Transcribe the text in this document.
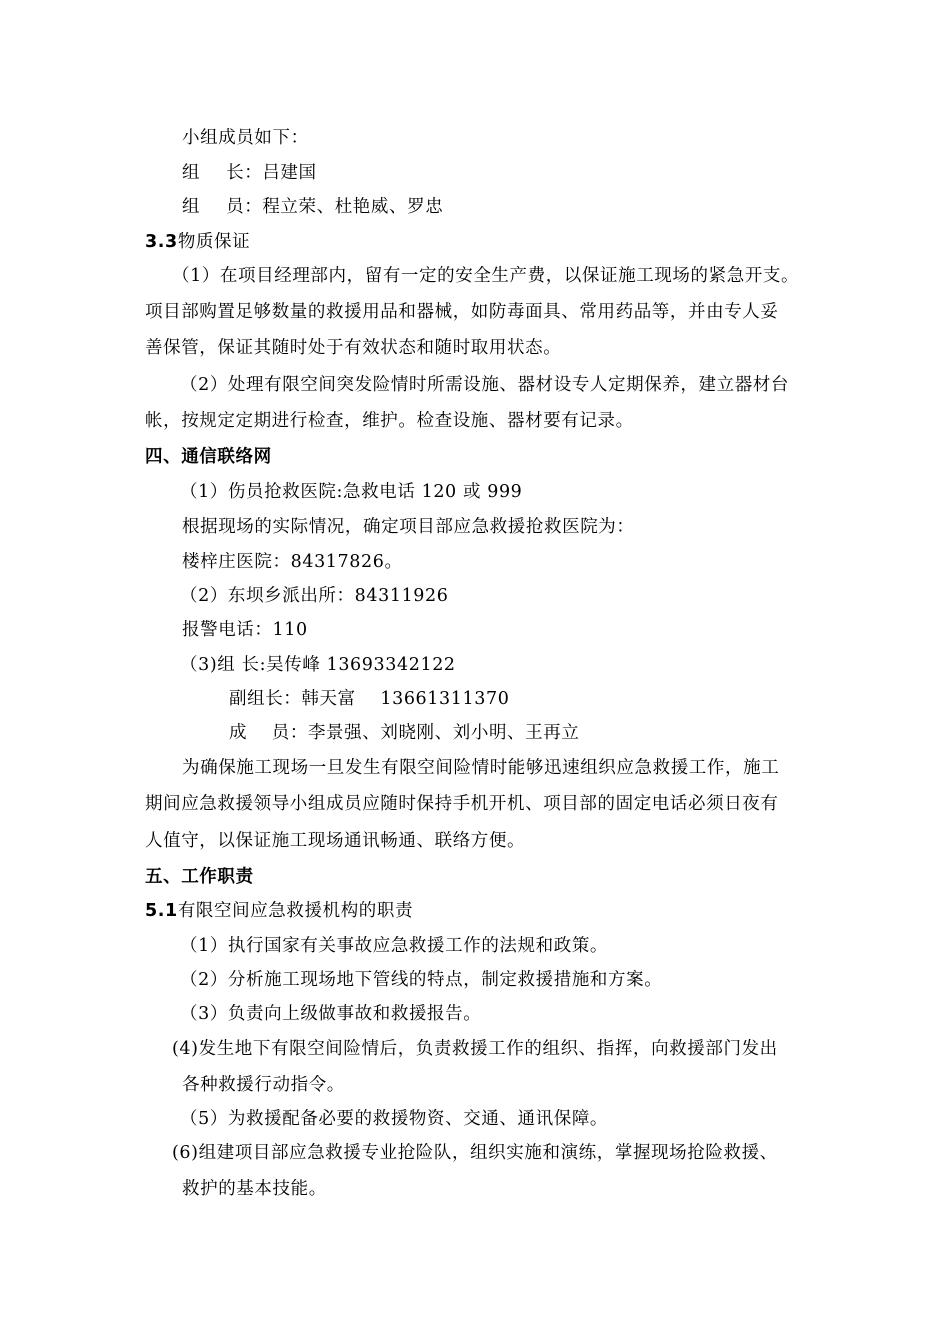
小组成员如下：
组 长：吕建国
组 员：程立荣、杜艳威、罗忠
3.3物质保证
（1）在项目经理部内，留有一定的安全生产费，以保证施工现场的紧急开支。
项目部购置足够数量的救援用品和器械，如防毒面具、常用药品等，并由专人妥
善保管，保证其随时处于有效状态和随时取用状态。
（2）处理有限空间突发险情时所需设施、器材设专人定期保养，建立器材台
帐，按规定定期进行检查，维护。检查设施、器材要有记录。
四、通信联络网
（1）伤员抢救医院:急救电话 120 或 999
根据现场的实际情况，确定项目部应急救援抢救医院为：
楼梓庄医院：84317826。
（2）东坝乡派出所：84311926
报警电话：110
（3)组 长:吴传峰 13693342122
副组长：韩天富    13661311370
成    员：李景强、刘晓刚、刘小明、王再立
为确保施工现场一旦发生有限空间险情时能够迅速组织应急救援工作，施工
期间应急救援领导小组成员应随时保持手机开机、项目部的固定电话必须日夜有
人值守，以保证施工现场通讯畅通、联络方便。
五、工作职责
5.1有限空间应急救援机构的职责
（1）执行国家有关事故应急救援工作的法规和政策。
（2）分析施工现场地下管线的特点，制定救援措施和方案。
（3）负责向上级做事故和救援报告。
(4)发生地下有限空间险情后，负责救援工作的组织、指挥，向救援部门发出
各种救援行动指令。
（5）为救援配备必要的救援物资、交通、通讯保障。
(6)组建项目部应急救援专业抢险队，组织实施和演练，掌握现场抢险救援、
救护的基本技能。
